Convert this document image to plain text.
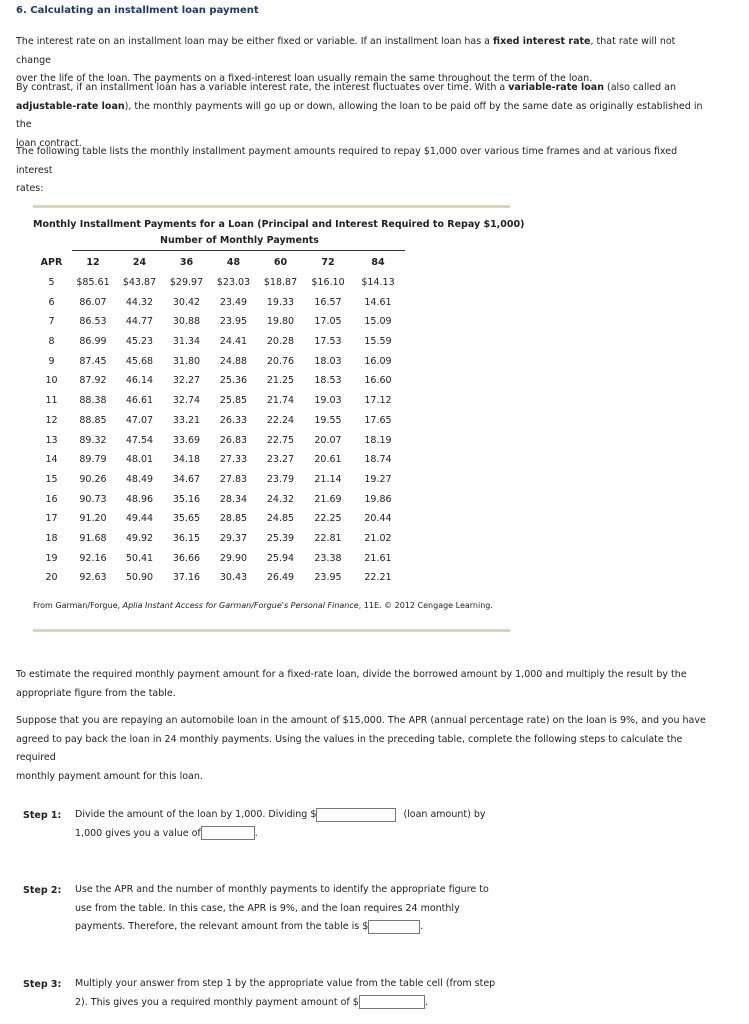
6. Calculating an installment loan payment
The interest rate on an installment loan may be either fixed or variable. If an installment loan has a fixed interest rate, that rate will not change
over the life of the loan. The payments on a fixed-interest loan usually remain the same throughout the term of the loan.
By contrast, if an installment loan has a variable interest rate, the interest fluctuates over time. With a variable-rate loan (also called an
adjustable-rate loan), the monthly payments will go up or down, allowing the loan to be paid off by the same date as originally established in the
loan contract.
The following table lists the monthly installment payment amounts required to repay $1,000 over various time frames and at various fixed interest
rates:
Monthly Installment Payments for a Loan (Principal and Interest Required to Repay $1,000)
Number of Monthly Payments
APR	12	24	36	48	60	72	84
5	$85.61	$43.87	$29.97	$23.03	$18.87	$16.10	$14.13
6	86.07	44.32	30.42	23.49	19.33	16.57	14.61
7	86.53	44.77	30.88	23.95	19.80	17.05	15.09
8	86.99	45.23	31.34	24.41	20.28	17.53	15.59
9	87.45	45.68	31.80	24.88	20.76	18.03	16.09
10	87.92	46.14	32.27	25.36	21.25	18.53	16.60
11	88.38	46.61	32.74	25.85	21.74	19.03	17.12
12	88.85	47.07	33.21	26.33	22.24	19.55	17.65
13	89.32	47.54	33.69	26.83	22.75	20.07	18.19
14	89.79	48.01	34.18	27.33	23.27	20.61	18.74
15	90.26	48.49	34.67	27.83	23.79	21.14	19.27
16	90.73	48.96	35.16	28.34	24.32	21.69	19.86
17	91.20	49.44	35.65	28.85	24.85	22.25	20.44
18	91.68	49.92	36.15	29.37	25.39	22.81	21.02
19	92.16	50.41	36.66	29.90	25.94	23.38	21.61
20	92.63	50.90	37.16	30.43	26.49	23.95	22.21
From Garman/Forgue, Aplia Instant Access for Garman/Forgue's Personal Finance, 11E. © 2012 Cengage Learning.
To estimate the required monthly payment amount for a fixed-rate loan, divide the borrowed amount by 1,000 and multiply the result by the
appropriate figure from the table.
Suppose that you are repaying an automobile loan in the amount of $15,000. The APR (annual percentage rate) on the loan is 9%, and you have
agreed to pay back the loan in 24 monthly payments. Using the values in the preceding table, complete the following steps to calculate the required
monthly payment amount for this loan.
Step 1: Divide the amount of the loan by 1,000. Dividing $	(loan amount) by
1,000 gives you a value of	.
Step 2: Use the APR and the number of monthly payments to identify the appropriate figure to
use from the table. In this case, the APR is 9%, and the loan requires 24 monthly
payments. Therefore, the relevant amount from the table is $	.
Step 3: Multiply your answer from step 1 by the appropriate value from the table cell (from step
2). This gives you a required monthly payment amount of $	.
